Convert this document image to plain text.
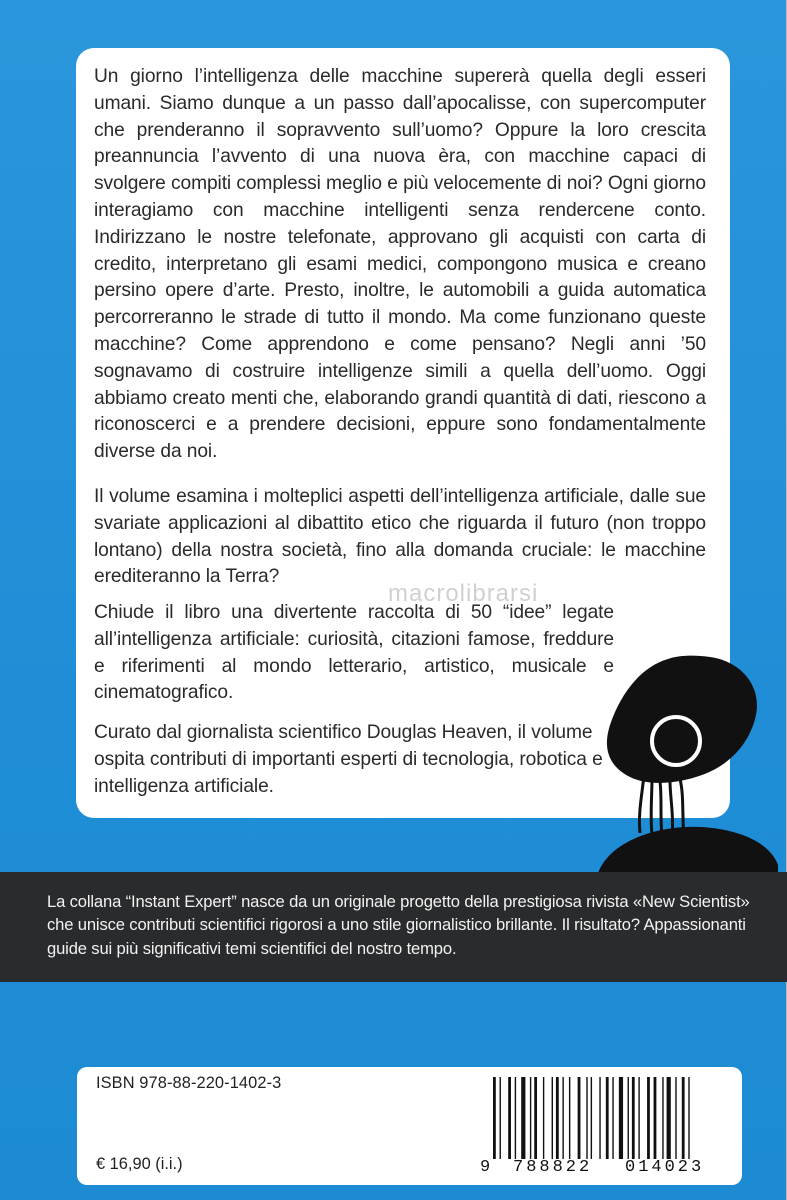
Un giorno l’intelligenza delle macchine supererà quella degli esseri umani. Siamo dunque a un passo dall’apocalisse, con supercomputer che prenderanno il sopravvento sull’uomo? Oppure la loro crescita preannuncia l’avvento di una nuova èra, con macchine capaci di svolgere compiti complessi meglio e più velocemente di noi? Ogni giorno interagiamo con macchine intelligenti senza rendercene conto. Indirizzano le nostre telefonate, approvano gli acquisti con carta di credito, interpretano gli esami medici, compongono musica e creano persino opere d’arte. Presto, inoltre, le automobili a guida automatica percorreranno le strade di tutto il mondo. Ma come funzionano queste macchine? Come apprendono e come pensano? Negli anni ’50 sognavamo di costruire intelligenze simili a quella dell’uomo. Oggi abbiamo creato menti che, elaborando grandi quantità di dati, riescono a riconoscerci e a prendere decisioni, eppure sono fondamentalmente diverse da noi.

Il volume esamina i molteplici aspetti dell’intelligenza artificiale, dalle sue svariate applicazioni al dibattito etico che riguarda il futuro (non troppo lontano) della nostra società, fino alla domanda cruciale: le macchine erediteranno la Terra?

Chiude il libro una divertente raccolta di 50 “idee” legate all’intelligenza artificiale: curiosità, citazioni famose, freddure e riferimenti al mondo letterario, artistico, musicale e cinematografico.

Curato dal giornalista scientifico Douglas Heaven, il volume ospita contributi di importanti esperti di tecnologia, robotica e intelligenza artificiale.

macrolibrarsi

La collana “Instant Expert” nasce da un originale progetto della prestigiosa rivista «New Scientist» che unisce contributi scientifici rigorosi a uno stile giornalistico brillante. Il risultato? Appassionanti guide sui più significativi temi scientifici del nostro tempo.

ISBN 978-88-220-1402-3

€ 16,90 (i.i.)	9 788822 014023
